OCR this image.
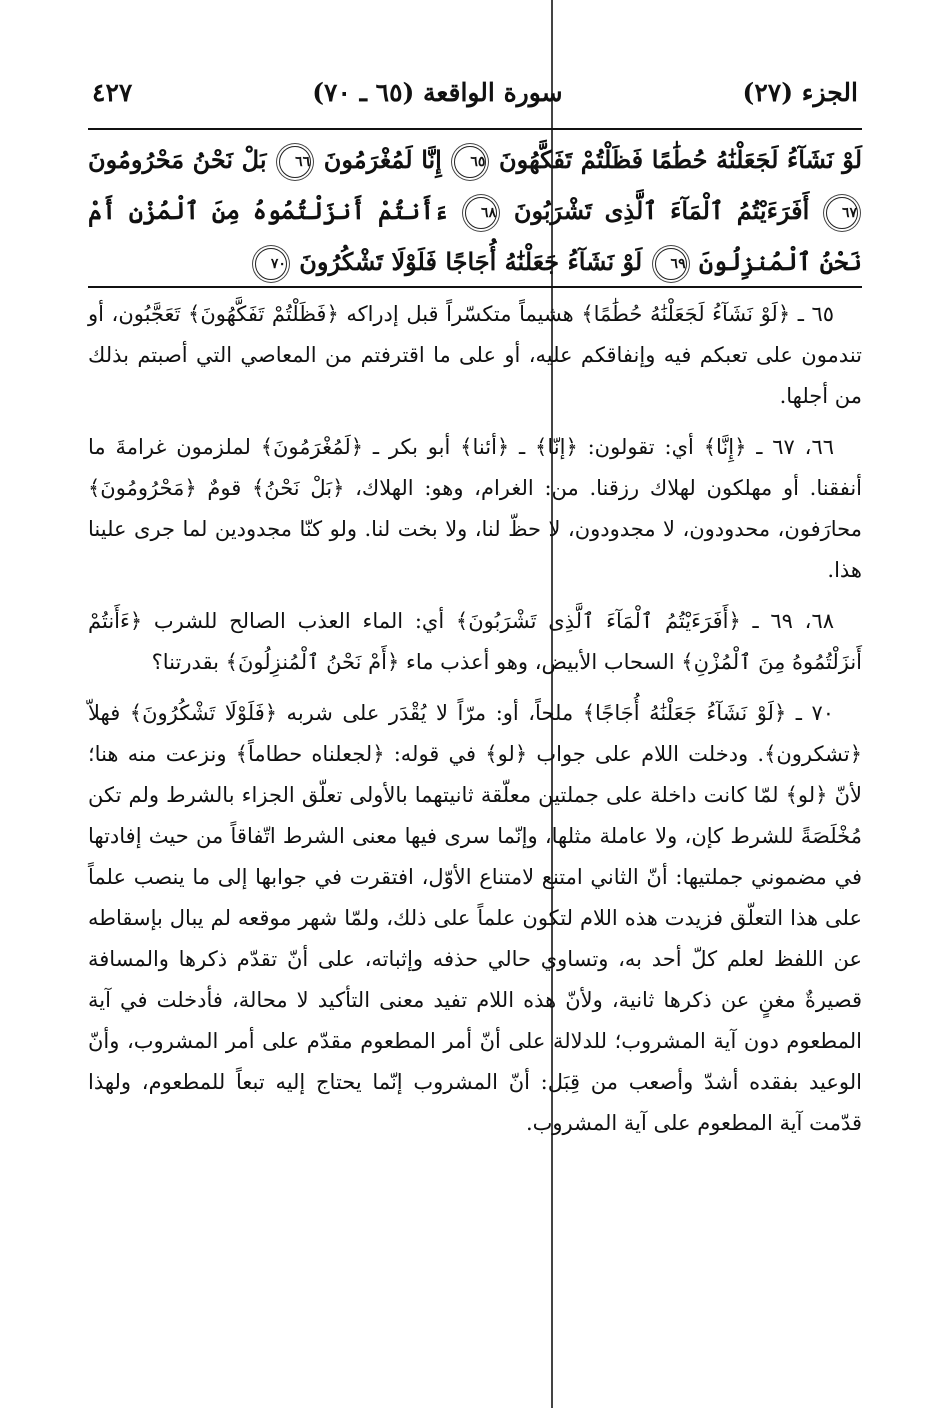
الجزء (٢٧)
سورة الواقعة (٦٥ ـ ٧٠)
٤٢٧
لَوْ نَشَآءُ لَجَعَلْنَٰهُ حُطَٰمًا فَظَلْتُمْ تَفَكَّهُونَ ٦٥ إِنَّا لَمُغْرَمُونَ ٦٦ بَلْ نَحْنُ مَحْرُومُونَ ٦٧ أَفَرَءَيْتُمُ ٱلْمَآءَ ٱلَّذِى تَشْرَبُونَ ٦٨ ءَأَنتُمْ أَنزَلْتُمُوهُ مِنَ ٱلْمُزْنِ أَمْ نَحْنُ ٱلْمُنزِلُونَ ٦٩ لَوْ نَشَآءُ جَعَلْنَٰهُ أُجَاجًا فَلَوْلَا تَشْكُرُونَ ٧٠

٦٥ ـ ﴿لَوْ نَشَآءُ لَجَعَلْنَٰهُ حُطَٰمًا﴾ هشيماً متكسّراً قبل إدراكه ﴿فَظَلْتُمْ تَفَكَّهُونَ﴾ تَعَجَّبُون، أو تندمون على تعبكم فيه وإنفاقكم عليه، أو على ما اقترفتم من المعاصي التي أصبتم بذلك من أجلها.

٦٦، ٦٧ ـ ﴿إِنَّا﴾ أي: تقولون: ﴿إنّا﴾ ـ ﴿أئنا﴾ أبو بكر ـ ﴿لَمُغْرَمُونَ﴾ لملزمون غرامةَ ما أنفقنا. أو مهلكون لهلاك رزقنا. من: الغرام، وهو: الهلاك، ﴿بَلْ نَحْنُ﴾ قومٌ ﴿مَحْرُومُونَ﴾ محارَفون، محدودون، لا مجدودون، لا حظّ لنا، ولا بخت لنا. ولو كنّا مجدودين لما جرى علينا هذا.

٦٨، ٦٩ ـ ﴿أَفَرَءَيْتُمُ ٱلْمَآءَ ٱلَّذِى تَشْرَبُونَ﴾ أي: الماء العذب الصالح للشرب ﴿ءَأَنتُمْ أَنزَلْتُمُوهُ مِنَ ٱلْمُزْنِ﴾ السحاب الأبيض، وهو أعذب ماء ﴿أَمْ نَحْنُ ٱلْمُنزِلُونَ﴾ بقدرتنا؟

٧٠ ـ ﴿لَوْ نَشَآءُ جَعَلْنَٰهُ أُجَاجًا﴾ ملحاً، أو: مرّاً لا يُقْدَر على شربه ﴿فَلَوْلَا تَشْكُرُونَ﴾ فهلاّ ﴿تشكرون﴾. ودخلت اللام على جواب ﴿لو﴾ في قوله: ﴿لجعلناه حطاماً﴾ ونزعت منه هنا؛ لأنّ ﴿لو﴾ لمّا كانت داخلة على جملتين معلّقة ثانيتهما بالأولى تعلّق الجزاء بالشرط ولم تكن مُخْلَصَةً للشرط كإن، ولا عاملة مثلها، وإنّما سرى فيها معنى الشرط اتّفاقاً من حيث إفادتها في مضموني جملتيها: أنّ الثاني امتنع لامتناع الأوّل، افتقرت في جوابها إلى ما ينصب علماً على هذا التعلّق فزيدت هذه اللام لتكون علماً على ذلك، ولمّا شهر موقعه لم يبال بإسقاطه عن اللفظ لعلم كلّ أحد به، وتساوي حالي حذفه وإثباته، على أنّ تقدّم ذكرها والمسافة قصيرةٌ مغنٍ عن ذكرها ثانية، ولأنّ هذه اللام تفيد معنى التأكيد لا محالة، فأدخلت في آية المطعوم دون آية المشروب؛ للدلالة على أنّ أمر المطعوم مقدّم على أمر المشروب، وأنّ الوعيد بفقده أشدّ وأصعب من قِبَل: أنّ المشروب إنّما يحتاج إليه تبعاً للمطعوم، ولهذا قدّمت آية المطعوم على آية المشروب.
